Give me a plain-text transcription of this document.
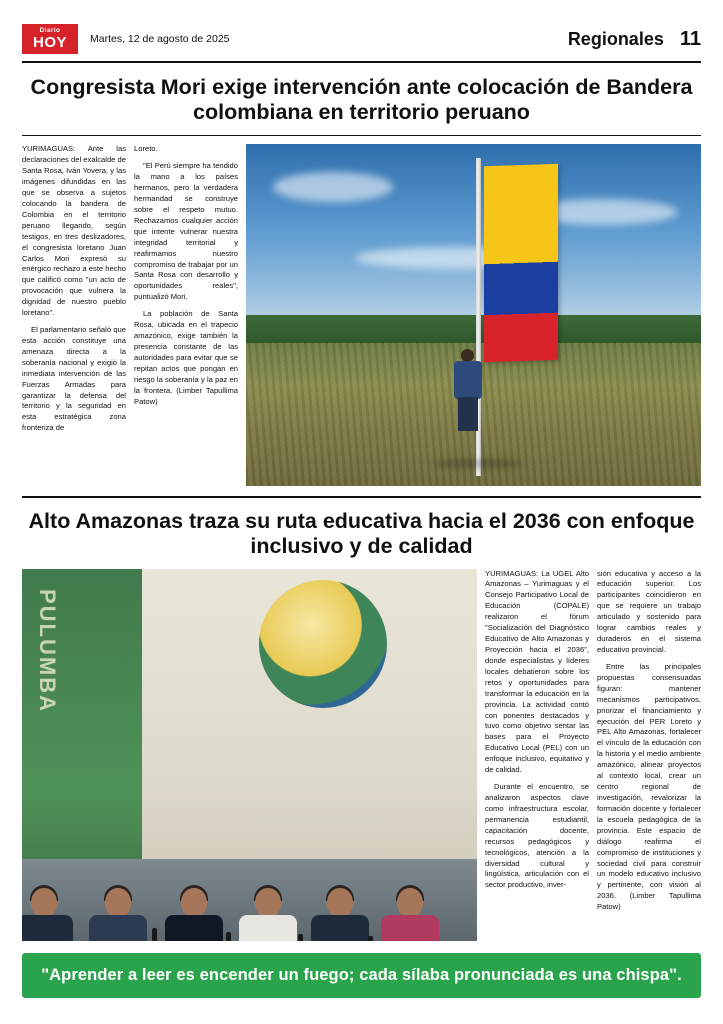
Diario
HOY Martes, 12 de agosto de 2025	Regionales 11
Congresista Mori exige intervención ante colocación de Bandera colombiana en territorio peruano

YURIMAGUAS: Ante las declaraciones del exalcalde de Santa Rosa, Iván Yovera, y las imágenes difundidas en las que se observa a sujetos colocando la bandera de Colombia en el territorio peruano llegando, según testigos, en tres deslizadores, el congresista loretano Juan Carlos Mori expresó su enérgico rechazo a este hecho que calificó como "un acto de provocación que vulnera la dignidad de nuestro pueblo loretano".

El parlamentario señaló que esta acción constituye una amenaza directa a la soberanía nacional y exigió la inmediata intervención de las Fuerzas Armadas para garantizar la defensa del territorio y la seguridad en esta estratégica zona fronteriza de

Loreto.

"El Perú siempre ha tendido la mano a los países hermanos, pero la verdadera hermandad se construye sobre el respeto mutuo. Rechazamos cualquier acción que intente vulnerar nuestra integridad territorial y reafirmamos nuestro compromiso de trabajar por un Santa Rosa con desarrollo y oportunidades reales", puntualizó Mori.

La población de Santa Rosa, ubicada en el trapecio amazónico, exige también la presencia constante de las autoridades para evitar que se repitan actos que pongan en riesgo la soberanía y la paz en la frontera. (Limber Tapullima Patow)

Alto Amazonas traza su ruta educativa hacia el 2036 con enfoque inclusivo y de calidad
PULUMBA

YURIMAGUAS: La UGEL Alto Amazonas – Yurimaguas y el Consejo Participativo Local de Educación (COPALE) realizaron el fórum "Socialización del Diagnóstico Educativo de Alto Amazonas y Proyección hacia el 2036", donde especialistas y líderes locales debatieron sobre los retos y oportunidades para transformar la educación en la provincia. La actividad contó con ponentes destacados y tuvo como objetivo sentar las bases para el Proyecto Educativo Local (PEL) con un enfoque inclusivo, equitativo y de calidad.

Durante el encuentro, se analizaron aspectos clave como infraestructura escolar, permanencia estudiantil, capacitación docente, recursos pedagógicos y tecnológicos, atención a la diversidad cultural y lingüística, articulación con el sector productivo, inver-

sión educativa y acceso a la educación superior. Los participantes coincidieron en que se requiere un trabajo articulado y sostenido para lograr cambios reales y duraderos en el sistema educativo provincial.

Entre las principales propuestas consensuadas figuran: mantener mecanismos participativos, priorizar el financiamiento y ejecución del PER Loreto y PEL Alto Amazonas, fortalecer el vínculo de la educación con la historia y el medio ambiente amazónico, alinear proyectos al contexto local, crear un centro regional de investigación, revalorizar la formación docente y fortalecer la escuela pedagógica de la provincia. Este espacio de diálogo reafirma el compromiso de instituciones y sociedad civil para construir un modelo educativo inclusivo y pertinente, con visión al 2036. (Limber Tapullima Patow)

"Aprender a leer es encender un fuego; cada sílaba pronunciada es una chispa".
